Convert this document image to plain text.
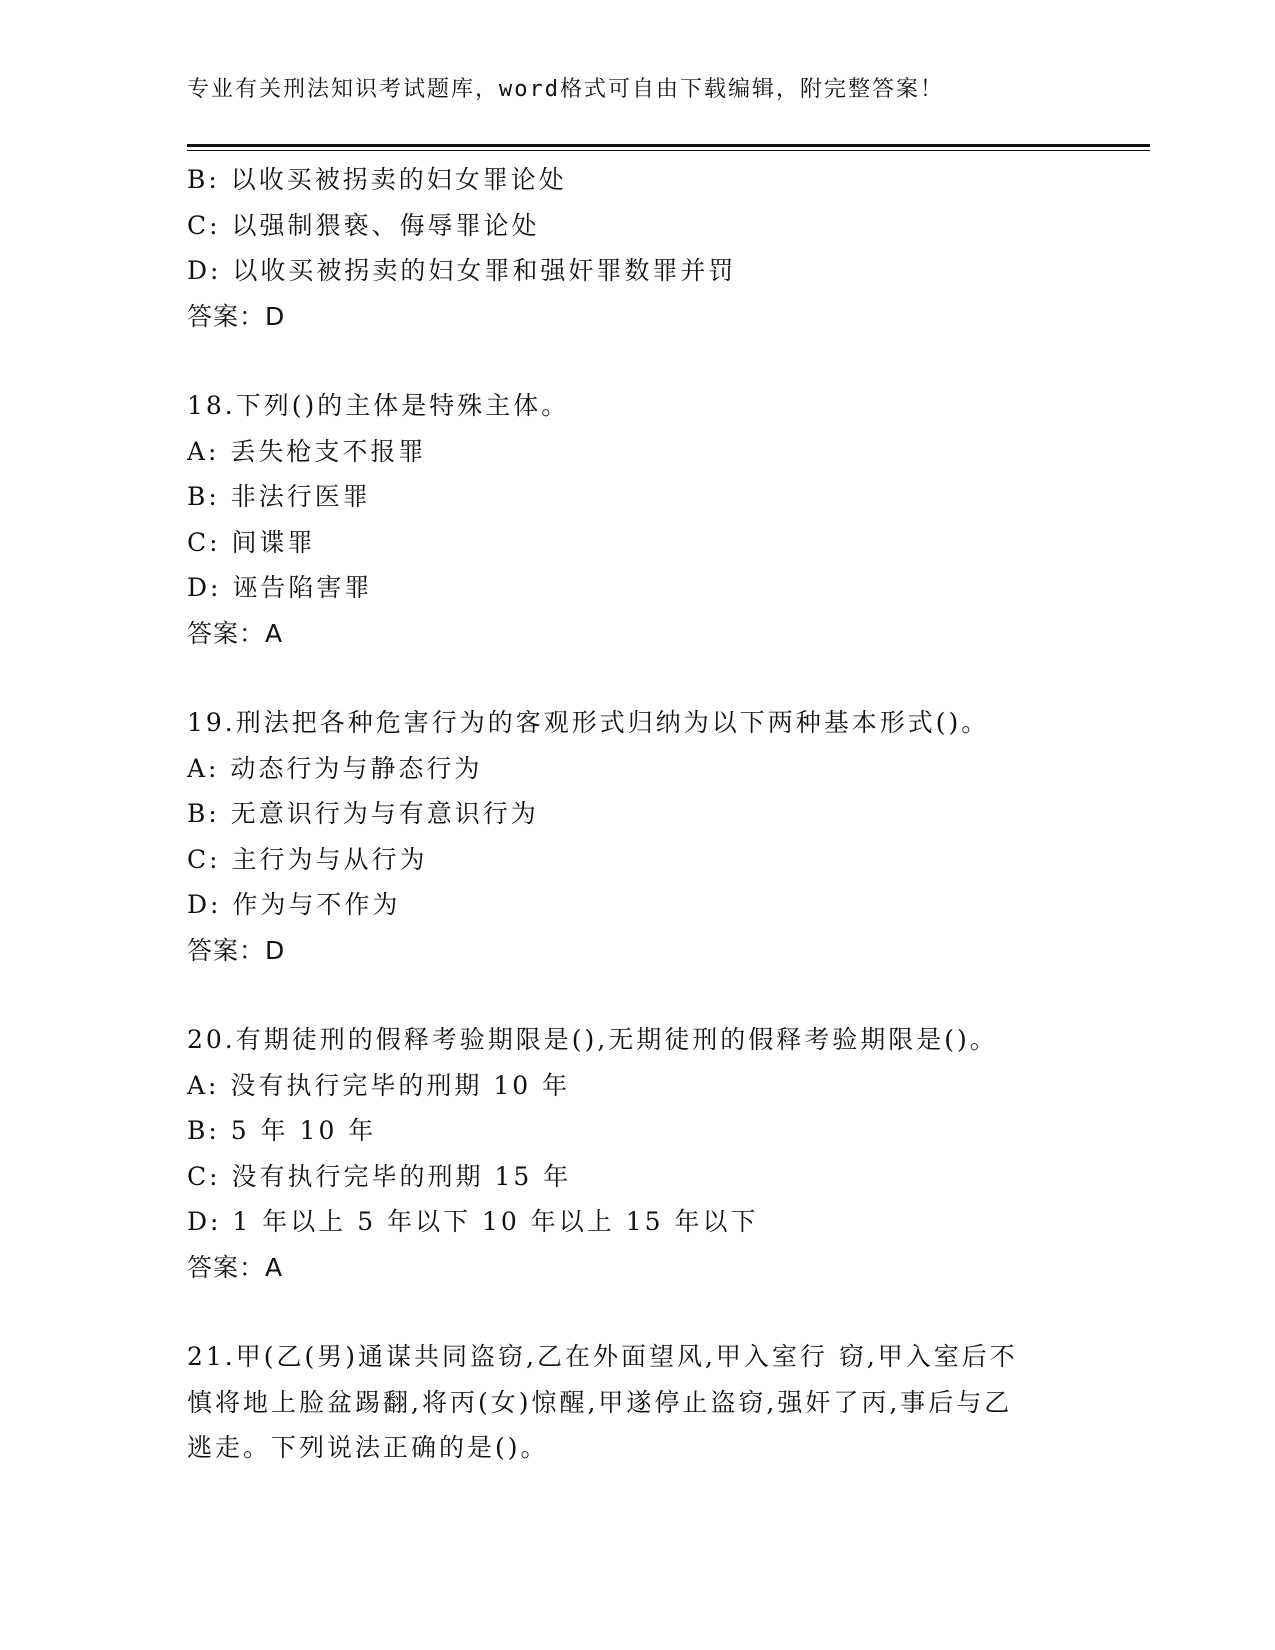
专业有关刑法知识考试题库，word格式可自由下载编辑，附完整答案！
B: 以收买被拐卖的妇女罪论处
C: 以强制猥亵、侮辱罪论处
D: 以收买被拐卖的妇女罪和强奸罪数罪并罚
答案：D
18.下列()的主体是特殊主体。
A: 丢失枪支不报罪
B: 非法行医罪
C: 间谍罪
D: 诬告陷害罪
答案：A
19.刑法把各种危害行为的客观形式归纳为以下两种基本形式()。
A: 动态行为与静态行为
B: 无意识行为与有意识行为
C: 主行为与从行为
D: 作为与不作为
答案：D
20.有期徒刑的假释考验期限是(),无期徒刑的假释考验期限是()。
A: 没有执行完毕的刑期 10 年
B: 5 年 10 年
C: 没有执行完毕的刑期 15 年
D: 1 年以上 5 年以下 10 年以上 15 年以下
答案：A
21.甲(乙(男)通谋共同盗窃,乙在外面望风,甲入室行 窃,甲入室后不
慎将地上脸盆踢翻,将丙(女)惊醒,甲遂停止盗窃,强奸了丙,事后与乙
逃走。下列说法正确的是()。
